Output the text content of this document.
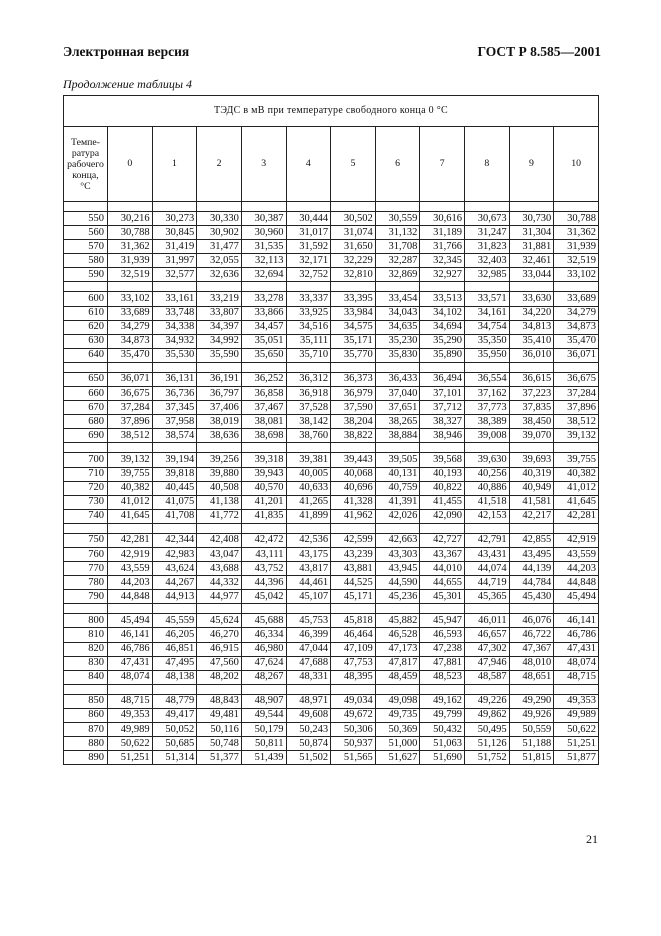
Электронная версия	ГОСТ Р 8.585—2001
Продолжение таблицы 4
ТЭДС в мВ при температуре свободного конца 0 °С											
Темпе-ратура рабочего конца, °С	0	1	2	3	4	5	6	7	8	9	10

550	30,216	30,273	30,330	30,387	30,444	30,502	30,559	30,616	30,673	30,730	30,788
560	30,788	30,845	30,902	30,960	31,017	31,074	31,132	31,189	31,247	31,304	31,362
570	31,362	31,419	31,477	31,535	31,592	31,650	31,708	31,766	31,823	31,881	31,939
580	31,939	31,997	32,055	32,113	32,171	32,229	32,287	32,345	32,403	32,461	32,519
590	32,519	32,577	32,636	32,694	32,752	32,810	32,869	32,927	32,985	33,044	33,102

600	33,102	33,161	33,219	33,278	33,337	33,395	33,454	33,513	33,571	33,630	33,689
610	33,689	33,748	33,807	33,866	33,925	33,984	34,043	34,102	34,161	34,220	34,279
620	34,279	34,338	34,397	34,457	34,516	34,575	34,635	34,694	34,754	34,813	34,873
630	34,873	34,932	34,992	35,051	35,111	35,171	35,230	35,290	35,350	35,410	35,470
640	35,470	35,530	35,590	35,650	35,710	35,770	35,830	35,890	35,950	36,010	36,071

650	36,071	36,131	36,191	36,252	36,312	36,373	36,433	36,494	36,554	36,615	36,675
660	36,675	36,736	36,797	36,858	36,918	36,979	37,040	37,101	37,162	37,223	37,284
670	37,284	37,345	37,406	37,467	37,528	37,590	37,651	37,712	37,773	37,835	37,896
680	37,896	37,958	38,019	38,081	38,142	38,204	38,265	38,327	38,389	38,450	38,512
690	38,512	38,574	38,636	38,698	38,760	38,822	38,884	38,946	39,008	39,070	39,132

700	39,132	39,194	39,256	39,318	39,381	39,443	39,505	39,568	39,630	39,693	39,755
710	39,755	39,818	39,880	39,943	40,005	40,068	40,131	40,193	40,256	40,319	40,382
720	40,382	40,445	40,508	40,570	40,633	40,696	40,759	40,822	40,886	40,949	41,012
730	41,012	41,075	41,138	41,201	41,265	41,328	41,391	41,455	41,518	41,581	41,645
740	41,645	41,708	41,772	41,835	41,899	41,962	42,026	42,090	42,153	42,217	42,281

750	42,281	42,344	42,408	42,472	42,536	42,599	42,663	42,727	42,791	42,855	42,919
760	42,919	42,983	43,047	43,111	43,175	43,239	43,303	43,367	43,431	43,495	43,559
770	43,559	43,624	43,688	43,752	43,817	43,881	43,945	44,010	44,074	44,139	44,203
780	44,203	44,267	44,332	44,396	44,461	44,525	44,590	44,655	44,719	44,784	44,848
790	44,848	44,913	44,977	45,042	45,107	45,171	45,236	45,301	45,365	45,430	45,494

800	45,494	45,559	45,624	45,688	45,753	45,818	45,882	45,947	46,011	46,076	46,141
810	46,141	46,205	46,270	46,334	46,399	46,464	46,528	46,593	46,657	46,722	46,786
820	46,786	46,851	46,915	46,980	47,044	47,109	47,173	47,238	47,302	47,367	47,431
830	47,431	47,495	47,560	47,624	47,688	47,753	47,817	47,881	47,946	48,010	48,074
840	48,074	48,138	48,202	48,267	48,331	48,395	48,459	48,523	48,587	48,651	48,715

850	48,715	48,779	48,843	48,907	48,971	49,034	49,098	49,162	49,226	49,290	49,353
860	49,353	49,417	49,481	49,544	49,608	49,672	49,735	49,799	49,862	49,926	49,989
870	49,989	50,052	50,116	50,179	50,243	50,306	50,369	50,432	50,495	50,559	50,622
880	50,622	50,685	50,748	50,811	50,874	50,937	51,000	51,063	51,126	51,188	51,251
890	51,251	51,314	51,377	51,439	51,502	51,565	51,627	51,690	51,752	51,815	51,877
21
